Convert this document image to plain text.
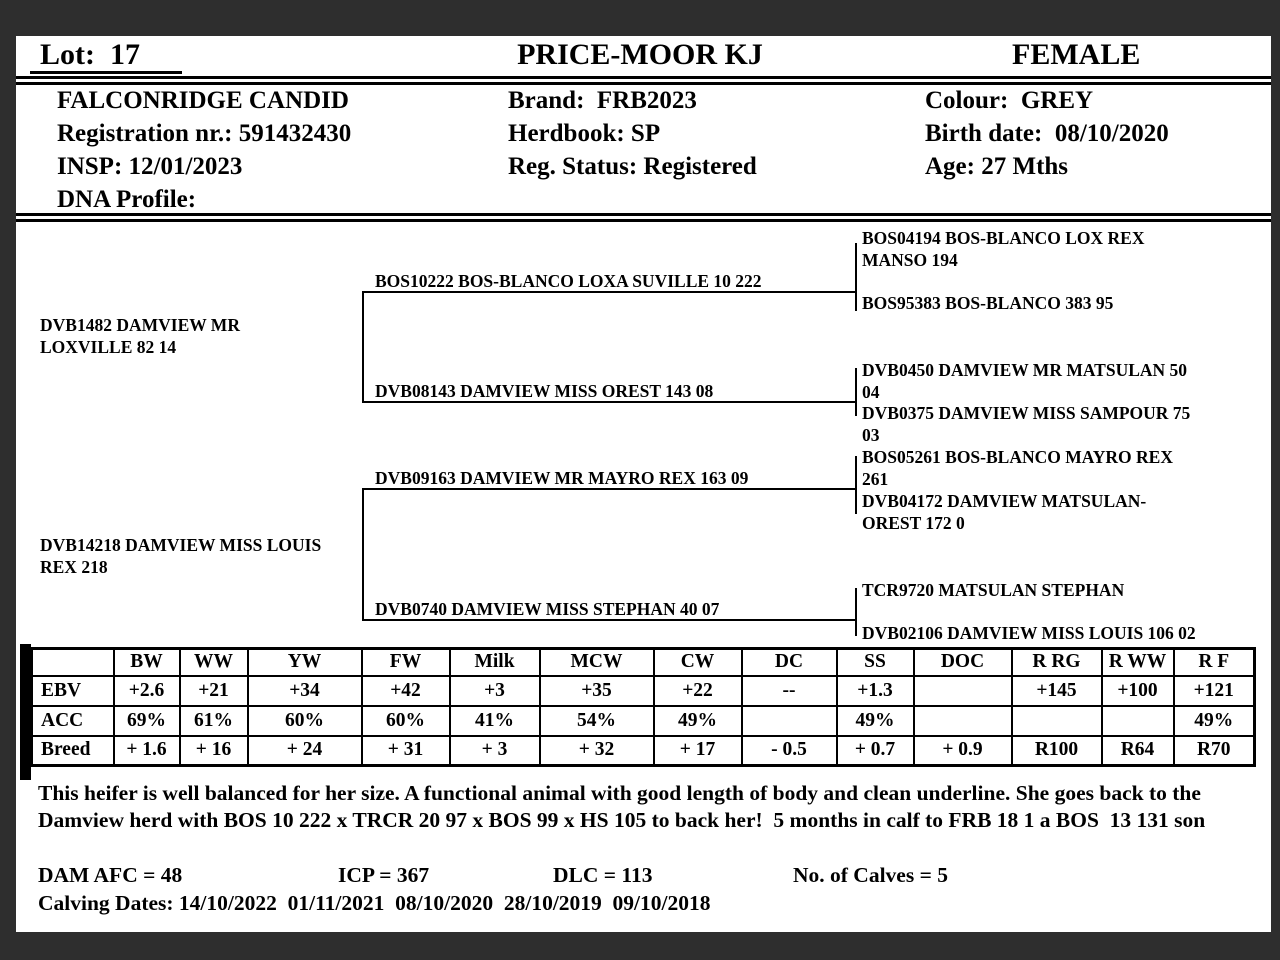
Lot:  17	PRICE-MOOR KJ	FEMALE
FALCONRIDGE CANDID
Registration nr.: 591432430
INSP: 12/01/2023
DNA Profile:
Brand:  FRB2023
Herdbook: SP
Reg. Status: Registered
Colour:  GREY
Birth date:  08/10/2020
Age: 27 Mths
DVB1482 DAMVIEW MR LOXVILLE 82 14
DVB14218 DAMVIEW MISS LOUIS REX 218
BOS10222 BOS-BLANCO LOXA SUVILLE 10 222
DVB08143 DAMVIEW MISS OREST 143 08
DVB09163 DAMVIEW MR MAYRO REX 163 09
DVB0740 DAMVIEW MISS STEPHAN 40 07
BOS04194 BOS-BLANCO LOX REX MANSO 194
BOS95383 BOS-BLANCO 383 95
DVB0450 DAMVIEW MR MATSULAN 50 04
DVB0375 DAMVIEW MISS SAMPOUR 75 03
BOS05261 BOS-BLANCO MAYRO REX 261
DVB04172 DAMVIEW MATSULAN-OREST 172 0
TCR9720 MATSULAN STEPHAN
DVB02106 DAMVIEW MISS LOUIS 106 02
	BW	WW	YW	FW	Milk	MCW	CW	DC	SS	DOC	R RG	R WW	R F
EBV	+2.6	+21	+34	+42	+3	+35	+22	--	+1.3		+145	+100	+121
ACC	69%	61%	60%	60%	41%	54%	49%		49%				49%
Breed	+ 1.6	+ 16	+ 24	+ 31	+ 3	+ 32	+ 17	- 0.5	+ 0.7	+ 0.9	R100	R64	R70
This heifer is well balanced for her size. A functional animal with good length of body and clean underline. She goes back to the Damview herd with BOS 10 222 x TRCR 20 97 x BOS 99 x HS 105 to back her!  5 months in calf to FRB 18 1 a BOS  13 131 son
DAM AFC = 48	ICP = 367	DLC = 113	No. of Calves = 5
Calving Dates: 14/10/2022  01/11/2021  08/10/2020  28/10/2019  09/10/2018
